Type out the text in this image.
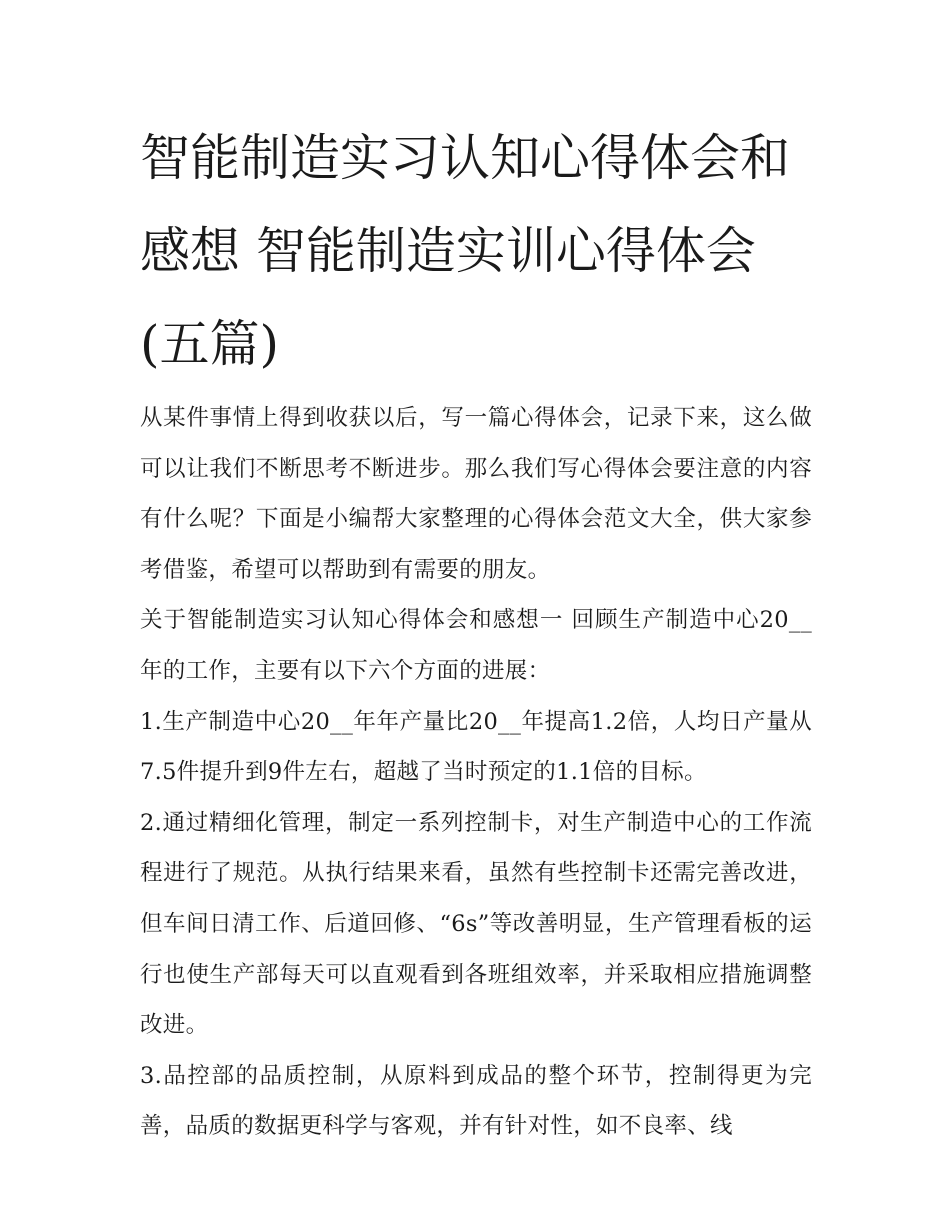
智能制造实习认知心得体会和感想 智能制造实训心得体会(五篇)

从某件事情上得到收获以后，写一篇心得体会，记录下来，这么做可以让我们不断思考不断进步。那么我们写心得体会要注意的内容有什么呢？下面是小编帮大家整理的心得体会范文大全，供大家参考借鉴，希望可以帮助到有需要的朋友。

关于智能制造实习认知心得体会和感想一 回顾生产制造中心20__年的工作，主要有以下六个方面的进展：

1.生产制造中心20__年年产量比20__年提高1.2倍，人均日产量从7.5件提升到9件左右，超越了当时预定的1.1倍的目标。

2.通过精细化管理，制定一系列控制卡，对生产制造中心的工作流程进行了规范。从执行结果来看，虽然有些控制卡还需完善改进，但车间日清工作、后道回修、“6s”等改善明显，生产管理看板的运行也使生产部每天可以直观看到各班组效率，并采取相应措施调整改进。

3.品控部的品质控制，从原料到成品的整个环节，控制得更为完善，品质的数据更科学与客观，并有针对性，如不良率、线
